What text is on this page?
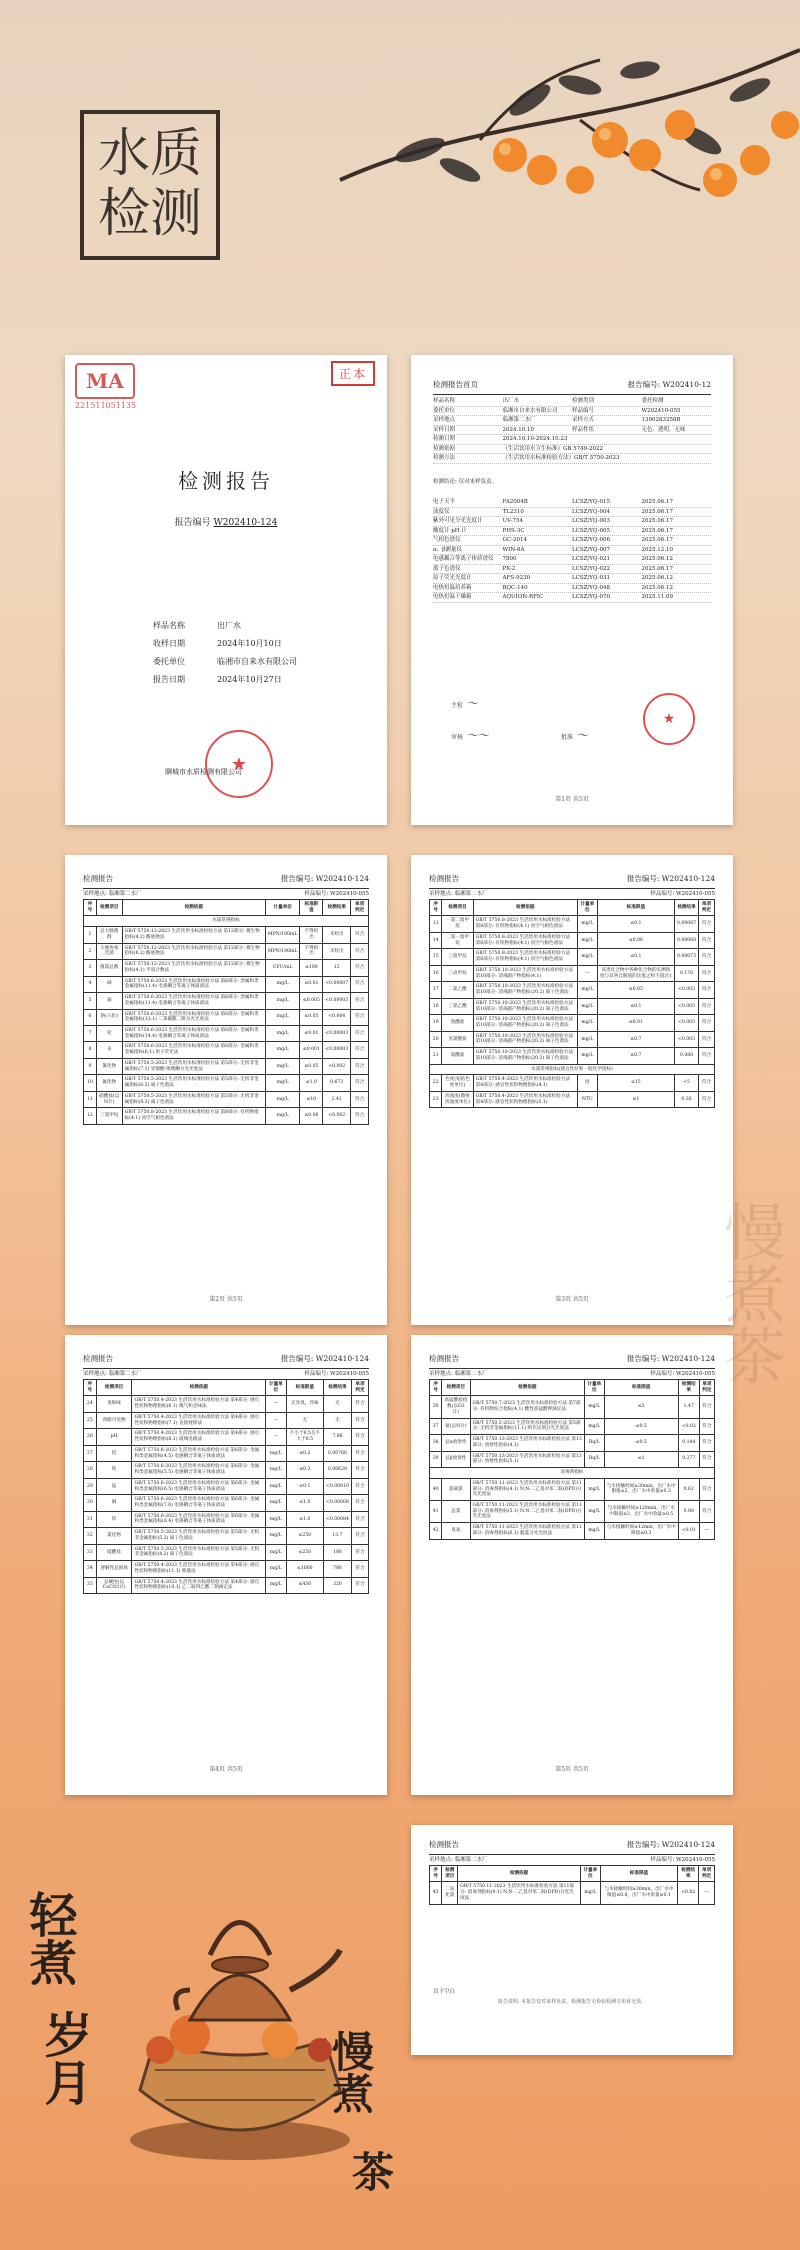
水质
检测
MA
221511051135
正本
检测报告
报告编号 W202410-124
样品名称	出厂水
收样日期	2024年10月10日
委托单位	临湘市自来水有限公司
报告日期	2024年10月27日
★
聊城市水质检测有限公司
检测报告首页	报告编号: W202410-12
样品名称	出厂水	检测类别	委托检测
委托单位	临湘市自来水有限公司	样品编号	W202410-055
采样地点	临湘第二水厂	采样方式	1390283258B
采样日期	2024.10.10	样品性状	无色、透明、无味
检测日期	2024.10.10-2024.10.23
检测依据	《生活饮用水卫生标准》GB 5749-2022
检测方法	《生活饮用水标准检验方法》GB/T 5750-2023
检测结论: 仅对来样负责。
电子天平	FA2004B	LCSZ/YQ-015	2025.06.17
浊度仪	TL2310	LCSZ/YQ-004	2025.06.17
紫外可见分光光度计	UV-754	LCSZ/YQ-003	2025.06.17
酸度计 pH 计	PHS-3C	LCSZ/YQ-005	2025.06.17
气相色谱仪	GC-2014	LCSZ/YQ-006	2025.06.17
α、β测量仪	WIN-8A	LCSZ/YQ-007	2025.12.10
电感耦合等离子体质谱仪	7800	LCSZ/YQ-021	2025.06.12
离子色谱仪	PX-2	LCSZ/YQ-022	2025.06.17
原子荧光光度计	AFS-9230	LCSZ/YQ-031	2025.06.12
电热恒温培养箱	BQC-140	LCSZ/YQ-048	2025.06.12
电热恒温干燥箱	AQUION-RFIC	LCSZ/YQ-070	2025.11.09
★
主检 ～
审核 ～～	批准 ～
第1页 共5页
检测报告	报告编号: W202410-124
采样地点: 临湘第二水厂	样品编号: W202410-055
序号	检测项目	检测依据	计量单位	标准限值	检测结果	单项判定
水质常规指标						
1	总大肠菌群	GB/T 5750.12-2023 生活饮用水标准检验方法 第12部分: 微生物指标(4.2) 酶底物法	MPN/100mL	不得检出	未检出	符合
2	大肠埃希氏菌	GB/T 5750.12-2023 生活饮用水标准检验方法 第12部分: 微生物指标(6.2) 酶底物法	MPN/100mL	不得检出	未检出	符合
3	菌落总数	GB/T 5750.12-2023 生活饮用水标准检验方法 第12部分: 微生物指标(4.1) 平皿计数法	CFU/mL	≤100	12	符合
4	砷	GB/T 5750.6-2023 生活饮用水标准检验方法 第6部分: 金属和类金属指标(11.4) 电感耦合等离子体质谱法	mg/L	≤0.01	<0.00007	符合
5	镉	GB/T 5750.6-2023 生活饮用水标准检验方法 第6部分: 金属和类金属指标(11.4) 电感耦合等离子体质谱法	mg/L	≤0.005	<0.00003	符合
6	铬(六价)	GB/T 5750.6-2023 生活饮用水标准检验方法 第6部分: 金属和类金属指标(13.1) 二苯碳酰二肼分光光度法	mg/L	≤0.05	<0.004	符合
7	铅	GB/T 5750.6-2023 生活饮用水标准检验方法 第6部分: 金属和类金属指标(14.4) 电感耦合等离子体质谱法	mg/L	≤0.01	<0.00003	符合
8	汞	GB/T 5750.6-2023 生活饮用水标准检验方法 第6部分: 金属和类金属指标(6.1) 原子荧光法	mg/L	≤0.001	<0.00003	符合
9	氰化物	GB/T 5750.5-2023 生活饮用水标准检验方法 第5部分: 无机非金属指标(7.1) 异烟酸-吡唑酮分光光度法	mg/L	≤0.05	<0.002	符合
10	氟化物	GB/T 5750.5-2023 生活饮用水标准检验方法 第5部分: 无机非金属指标(6.2) 离子色谱法	mg/L	≤1.0	0.673	符合
11	硝酸盐(以N计)	GB/T 5750.5-2023 生活饮用水标准检验方法 第5部分: 无机非金属指标(8.3) 离子色谱法	mg/L	≤10	2.41	符合
12	三氯甲烷	GB/T 5750.8-2023 生活饮用水标准检验方法 第8部分: 有机物指标(4.1) 顶空气相色谱法	mg/L	≤0.06	<0.002	符合
第2页 共5页
检测报告	报告编号: W202410-124
采样地点: 临湘第二水厂	样品编号: W202410-055
序号	检测项目	检测依据	计量单位	标准限值	检测结果	单项判定
13	一氯二溴甲烷	GB/T 5750.8-2023 生活饮用水标准检验方法 第8部分: 有机物指标(4.1) 顶空气相色谱法	mg/L	≤0.1	0.00087	符合
14	二氯一溴甲烷	GB/T 5750.8-2023 生活饮用水标准检验方法 第8部分: 有机物指标(4.1) 顶空气相色谱法	mg/L	≤0.06	0.00068	符合
15	三溴甲烷	GB/T 5750.8-2023 生活饮用水标准检验方法 第8部分: 有机物指标(4.1) 顶空气相色谱法	mg/L	≤0.1	0.00073	符合
16	三卤甲烷	GB/T 5750.10-2023 生活饮用水标准检验方法 第10部分: 消毒副产物指标(4.1)	—	该类化合物中各种化合物的实测浓度与其各自限值的比值之和不超过1	0.178	符合
17	二氯乙酸	GB/T 5750.10-2023 生活饮用水标准检验方法 第10部分: 消毒副产物指标(20.2) 离子色谱法	mg/L	≤0.05	<0.003	符合
18	三氯乙酸	GB/T 5750.10-2023 生活饮用水标准检验方法 第10部分: 消毒副产物指标(20.2) 离子色谱法	mg/L	≤0.1	<0.003	符合
19	溴酸盐	GB/T 5750.10-2023 生活饮用水标准检验方法 第10部分: 消毒副产物指标(20.2) 离子色谱法	mg/L	≤0.01	<0.003	符合
20	亚氯酸盐	GB/T 5750.10-2023 生活饮用水标准检验方法 第10部分: 消毒副产物指标(20.2) 离子色谱法	mg/L	≤0.7	<0.003	符合
21	氯酸盐	GB/T 5750.10-2023 生活饮用水标准检验方法 第10部分: 消毒副产物指标(20.2) 离子色谱法	mg/L	≤0.7	0.088	符合
水质常规指标(感官性状和一般化学指标)						
22	色度(铂钴色度单位)	GB/T 5750.4-2023 生活饮用水标准检验方法 第4部分: 感官性状和物理指标(4.1)	度	≤15	<5	符合
23	浑浊度(散射浑浊度单位)	GB/T 5750.4-2023 生活饮用水标准检验方法 第4部分: 感官性状和物理指标(5.1)	NTU	≤1	0.36	符合
第3页 共5页
检测报告	报告编号: W202410-124
采样地点: 临湘第二水厂	样品编号: W202410-055
序号	检测项目	检测依据	计量单位	标准限值	检测结果	单项判定
24	臭和味	GB/T 5750.4-2023 生活饮用水标准检验方法 第4部分: 感官性状和物理指标(6.1) 嗅气和尝味法	—	无异臭、异味	无	符合
25	肉眼可见物	GB/T 5750.4-2023 生活饮用水标准检验方法 第4部分: 感官性状和物理指标(7.1) 直接观察法	—	无	无	符合
26	pH	GB/T 5750.4-2023 生活饮用水标准检验方法 第4部分: 感官性状和物理指标(8.1) 玻璃电极法	—	不小于6.5且不大于8.5	7.86	符合
27	铝	GB/T 5750.6-2023 生活饮用水标准检验方法 第6部分: 金属和类金属指标(4.5) 电感耦合等离子体质谱法	mg/L	≤0.2	0.00766	符合
28	铁	GB/T 5750.6-2023 生活饮用水标准检验方法 第6部分: 金属和类金属指标(5.5) 电感耦合等离子体质谱法	mg/L	≤0.3	0.00629	符合
29	锰	GB/T 5750.6-2023 生活饮用水标准检验方法 第6部分: 金属和类金属指标(6.5) 电感耦合等离子体质谱法	mg/L	≤0.1	<0.00010	符合
30	铜	GB/T 5750.6-2023 生活饮用水标准检验方法 第6部分: 金属和类金属指标(7.6) 电感耦合等离子体质谱法	mg/L	≤1.0	<0.00008	符合
31	锌	GB/T 5750.6-2023 生活饮用水标准检验方法 第6部分: 金属和类金属指标(8.4) 电感耦合等离子体质谱法	mg/L	≤1.0	<0.00084	符合
32	氯化物	GB/T 5750.5-2023 生活饮用水标准检验方法 第5部分: 无机非金属指标(5.2) 离子色谱法	mg/L	≤250	13.7	符合
33	硫酸盐	GB/T 5750.5-2023 生活饮用水标准检验方法 第5部分: 无机非金属指标(4.2) 离子色谱法	mg/L	≤250	188	符合
34	溶解性总固体	GB/T 5750.4-2023 生活饮用水标准检验方法 第4部分: 感官性状和物理指标(11.1) 称量法	mg/L	≤1000	788	符合
35	总硬度(以CaCO3计)	GB/T 5750.4-2023 生活饮用水标准检验方法 第4部分: 感官性状和物理指标(10.1) 乙二胺四乙酸二钠滴定法	mg/L	≤450	320	符合
第4页 共5页
检测报告	报告编号: W202410-124
采样地点: 临湘第二水厂	样品编号: W202410-055
序号	检测项目	检测依据	计量单位	标准限值	检测结果	单项判定
36	高锰酸盐指数(以O2计)	GB/T 5750.7-2023 生活饮用水标准检验方法 第7部分: 有机物综合指标(4.1) 酸性高锰酸钾滴定法	mg/L	≤3	1.47	符合
37	氨(以N计)	GB/T 5750.5-2023 生活饮用水标准检验方法 第5部分: 无机非金属指标(11.1) 纳氏试剂分光光度法	mg/L	≤0.5	<0.02	符合
38	总α放射性	GB/T 5750.13-2023 生活饮用水标准检验方法 第13部分: 放射性指标(4.1)	Bq/L	≤0.5	0.184	符合
39	总β放射性	GB/T 5750.13-2023 生活饮用水标准检验方法 第13部分: 放射性指标(5.1)	Bq/L	≤1	0.277	符合
消毒剂指标						
40	游离氯	GB/T 5750.11-2023 生活饮用水标准检验方法 第11部分: 消毒剂指标(4.1) N,N-二乙基对苯二胺(DPD)分光光度法	mg/L	与水接触时间≥30min，出厂水中限值≤2，出厂水中余量≥0.3	0.62	符合
41	总氯	GB/T 5750.11-2023 生活饮用水标准检验方法 第11部分: 消毒剂指标(5.1) N,N-二乙基对苯二胺(DPD)分光光度法	mg/L	与水接触时间≥120min，出厂水中限值≤3，出厂水中余量≥0.5	0.88	符合
42	臭氧	GB/T 5750.11-2023 生活饮用水标准检验方法 第11部分: 消毒剂指标(6.1) 靛蓝分光光度法	mg/L	与水接触时间≥12min，出厂水中限值≤0.3	<0.01	—
第5页 共5页
检测报告	报告编号: W202410-124
采样地点: 临湘第二水厂	样品编号: W202410-055
序号	检测项目	检测依据	计量单位	标准限值	检测结果	单项判定
43	二氧化氯	GB/T 5750.11-2023 生活饮用水标准检验方法 第11部分: 消毒剂指标(9.1) N,N-二乙基对苯二胺(DPD)分光光度法	mg/L	与水接触时间≥30min，出厂水中限值≤0.8，出厂水中余量≥0.1	<0.02	—
以下空白
报告说明: 本报告仅对来样负责，检测报告无检验检测专用章无效。
轻煮
岁月	慢煮
茶
慢煮茶
